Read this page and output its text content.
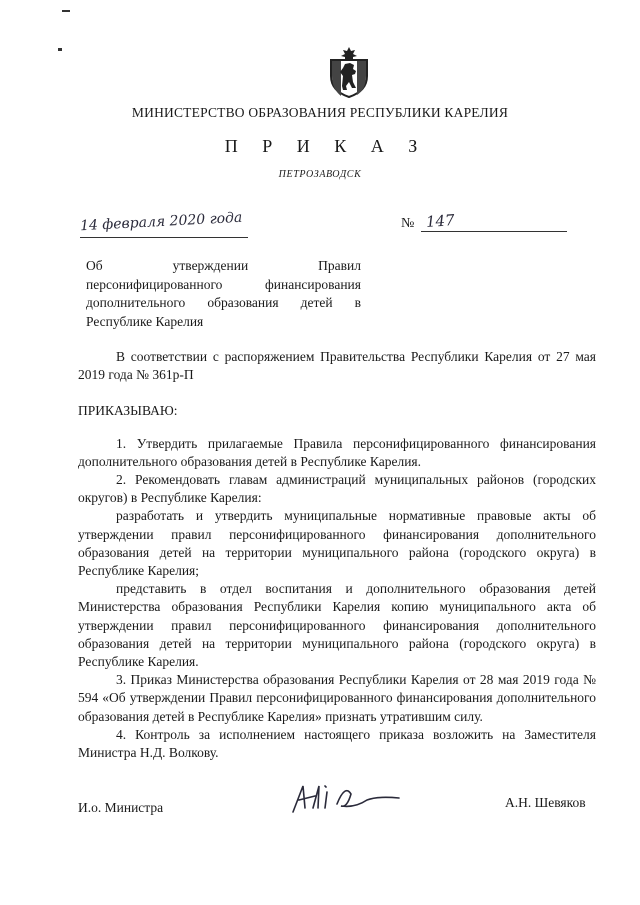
МИНИСТЕРСТВО ОБРАЗОВАНИЯ РЕСПУБЛИКИ КАРЕЛИЯ
П Р И К А З
ПЕТРОЗАВОДСК
14 февраля 2020 года	№ 147
Об утверждении Правил персонифицированного финансирования дополнительного образования детей в Республике Карелия

В соответствии с распоряжением Правительства Республики Карелия от 27 мая 2019 года № 361р-П

ПРИКАЗЫВАЮ:

1. Утвердить прилагаемые Правила персонифицированного финансирования дополнительного образования детей в Республике Карелия.

2. Рекомендовать главам администраций муниципальных районов (городских округов) в Республике Карелия:

разработать и утвердить муниципальные нормативные правовые акты об утверждении правил персонифицированного финансирования дополнительного образования детей на территории муниципального района (городского округа) в Республике Карелия;

представить в отдел воспитания и дополнительного образования детей Министерства образования Республики Карелия копию муниципального акта об утверждении правил персонифицированного финансирования дополнительного образования детей на территории муниципального района (городского округа) в Республике Карелия.

3. Приказ Министерства образования Республики Карелия от 28 мая 2019 года № 594 «Об утверждении Правил персонифицированного финансирования дополнительного образования детей в Республике Карелия» признать утратившим силу.

4. Контроль за исполнением настоящего приказа возложить на Заместителя Министра Н.Д. Волкову.

И.о. Министра	А.Н. Шевяков
